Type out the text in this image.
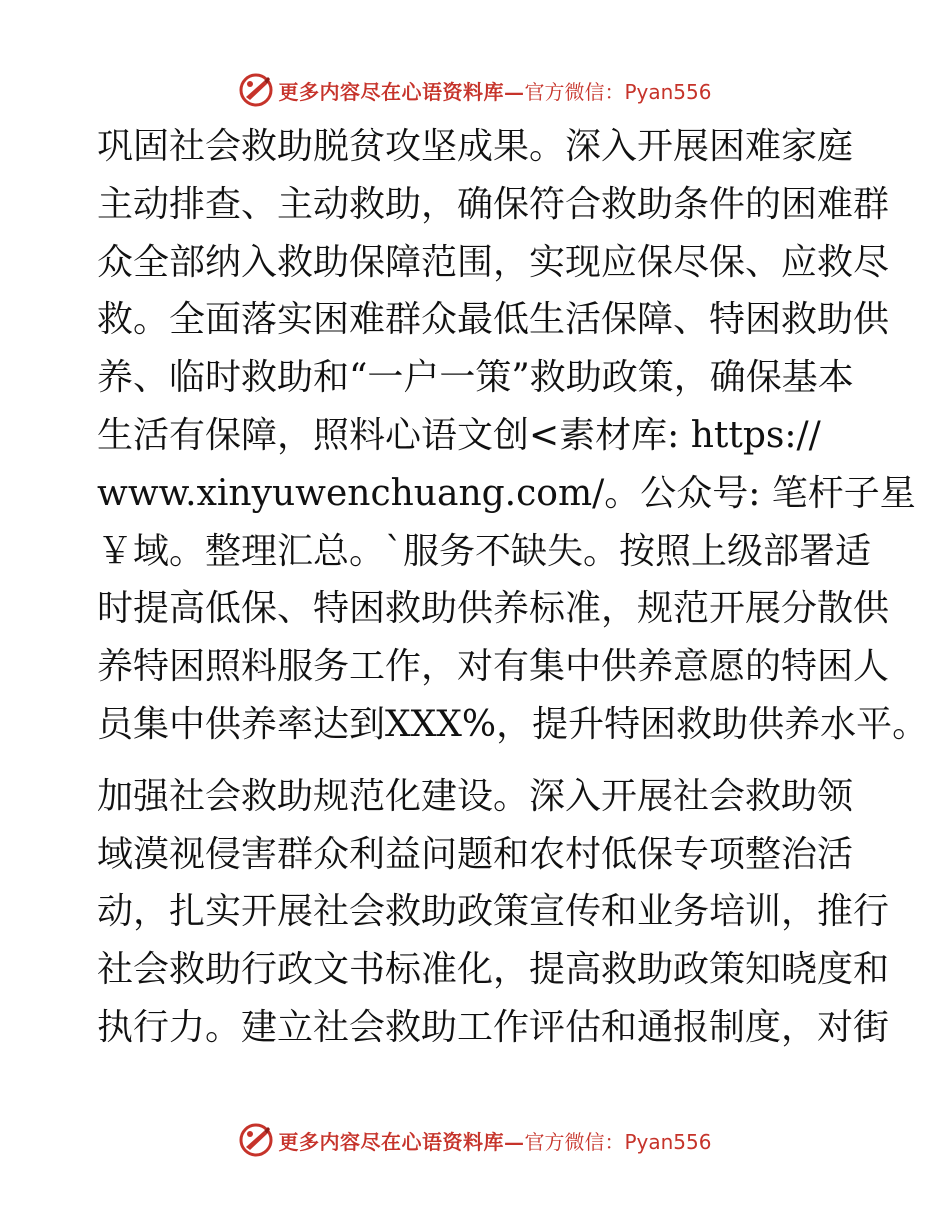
更多内容尽在心语资料库— 官方微信：Pyan556
巩固社会救助脱贫攻坚成果。深入开展困难家庭
主动排查、主动救助，确保符合救助条件的困难群
众全部纳入救助保障范围，实现应保尽保、应救尽
救。全面落实困难群众最低生活保障、特困救助供
养、临时救助和“一户一策”救助政策，确保基本
生活有保障，照料心语文创<素材库: https://
www.xinyuwenchuang.com/。公众号: 笔杆子星
￥域。整理汇总。`服务不缺失。按照上级部署适
时提高低保、特困救助供养标准，规范开展分散供
养特困照料服务工作，对有集中供养意愿的特困人
员集中供养率达到XXX%，提升特困救助供养水平。
加强社会救助规范化建设。深入开展社会救助领
域漠视侵害群众利益问题和农村低保专项整治活
动，扎实开展社会救助政策宣传和业务培训，推行
社会救助行政文书标准化，提高救助政策知晓度和
执行力。建立社会救助工作评估和通报制度，对街
更多内容尽在心语资料库— 官方微信：Pyan556
